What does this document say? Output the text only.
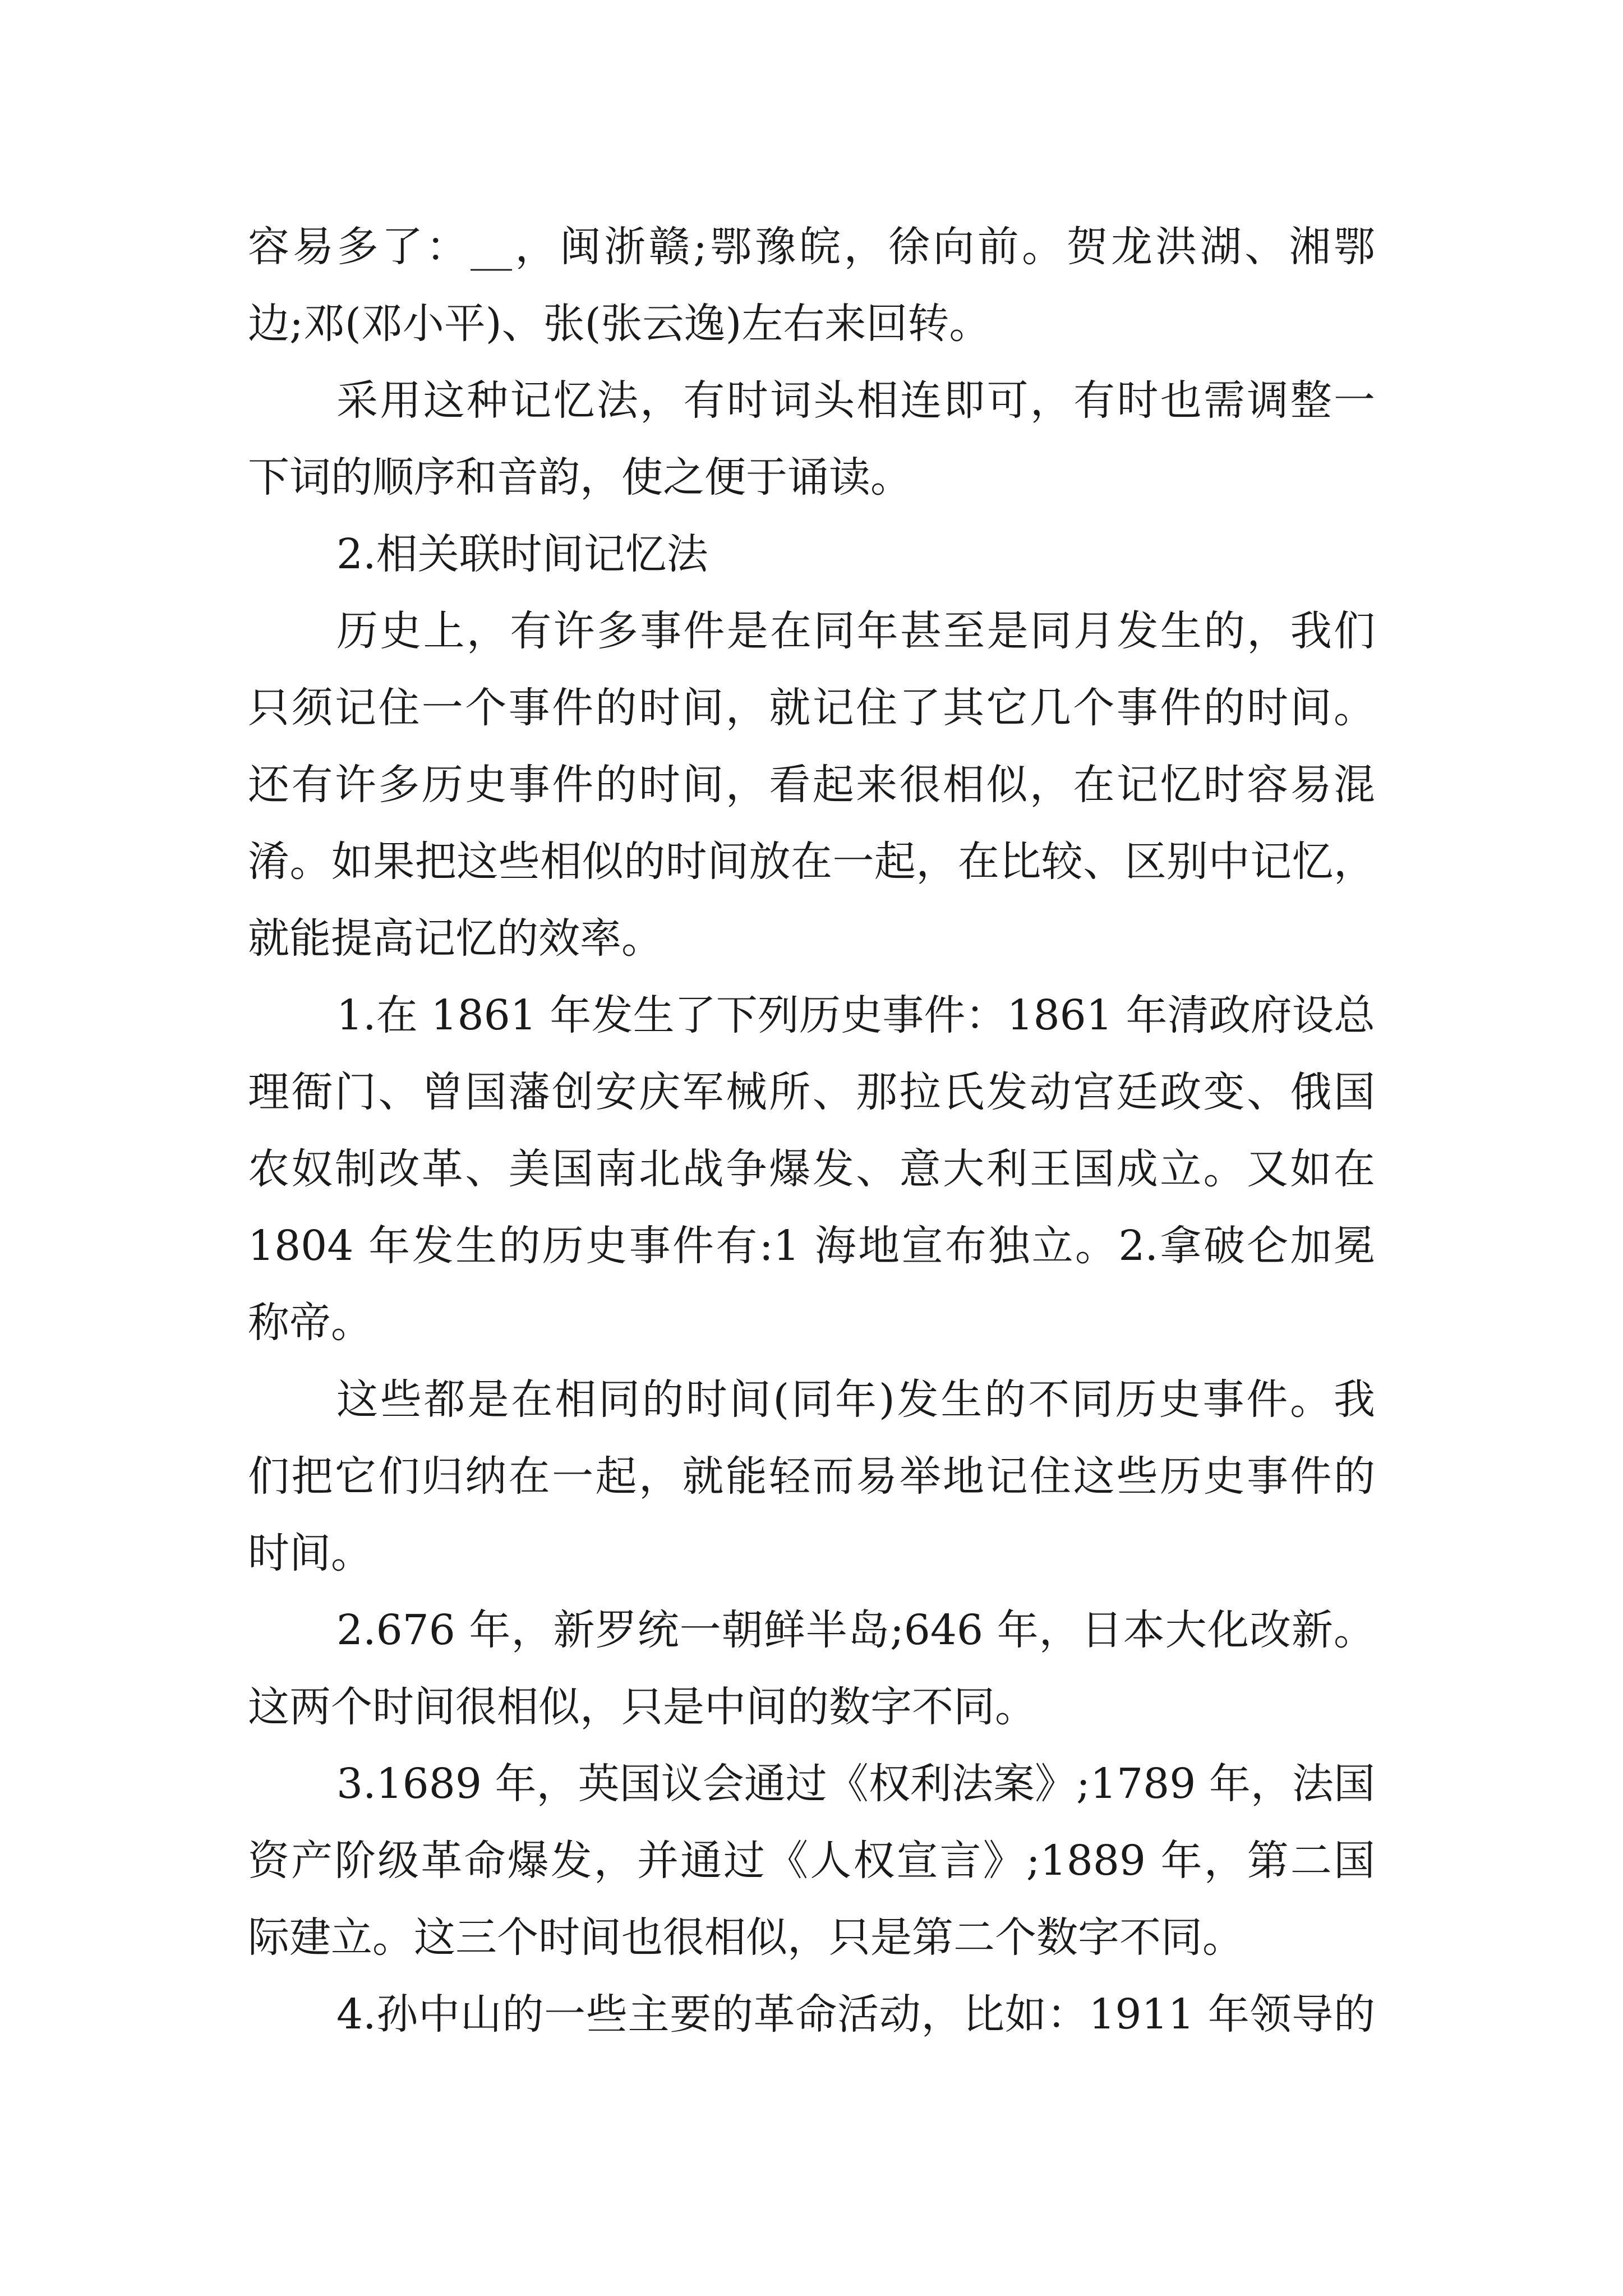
容易多了：__，闽浙赣;鄂豫皖，徐向前。贺龙洪湖、湘鄂

边;邓(邓小平)、张(张云逸)左右来回转。

采用这种记忆法，有时词头相连即可，有时也需调整一

下词的顺序和音韵，使之便于诵读。

2.相关联时间记忆法

历史上，有许多事件是在同年甚至是同月发生的，我们

只须记住一个事件的时间，就记住了其它几个事件的时间。

还有许多历史事件的时间，看起来很相似，在记忆时容易混

淆。如果把这些相似的时间放在一起，在比较、区别中记忆，

就能提高记忆的效率。

1.在 1861 年发生了下列历史事件：1861 年清政府设总

理衙门、曾国藩创安庆军械所、那拉氏发动宫廷政变、俄国

农奴制改革、美国南北战争爆发、意大利王国成立。又如在

1804 年发生的历史事件有:1 海地宣布独立。2.拿破仑加冕

称帝。

这些都是在相同的时间(同年)发生的不同历史事件。我

们把它们归纳在一起，就能轻而易举地记住这些历史事件的

时间。

2.676 年，新罗统一朝鲜半岛;646 年，日本大化改新。

这两个时间很相似，只是中间的数字不同。

3.1689 年，英国议会通过《权利法案》;1789 年，法国

资产阶级革命爆发，并通过《人权宣言》;1889 年，第二国

际建立。这三个时间也很相似，只是第二个数字不同。

4.孙中山的一些主要的革命活动，比如：1911 年领导的
